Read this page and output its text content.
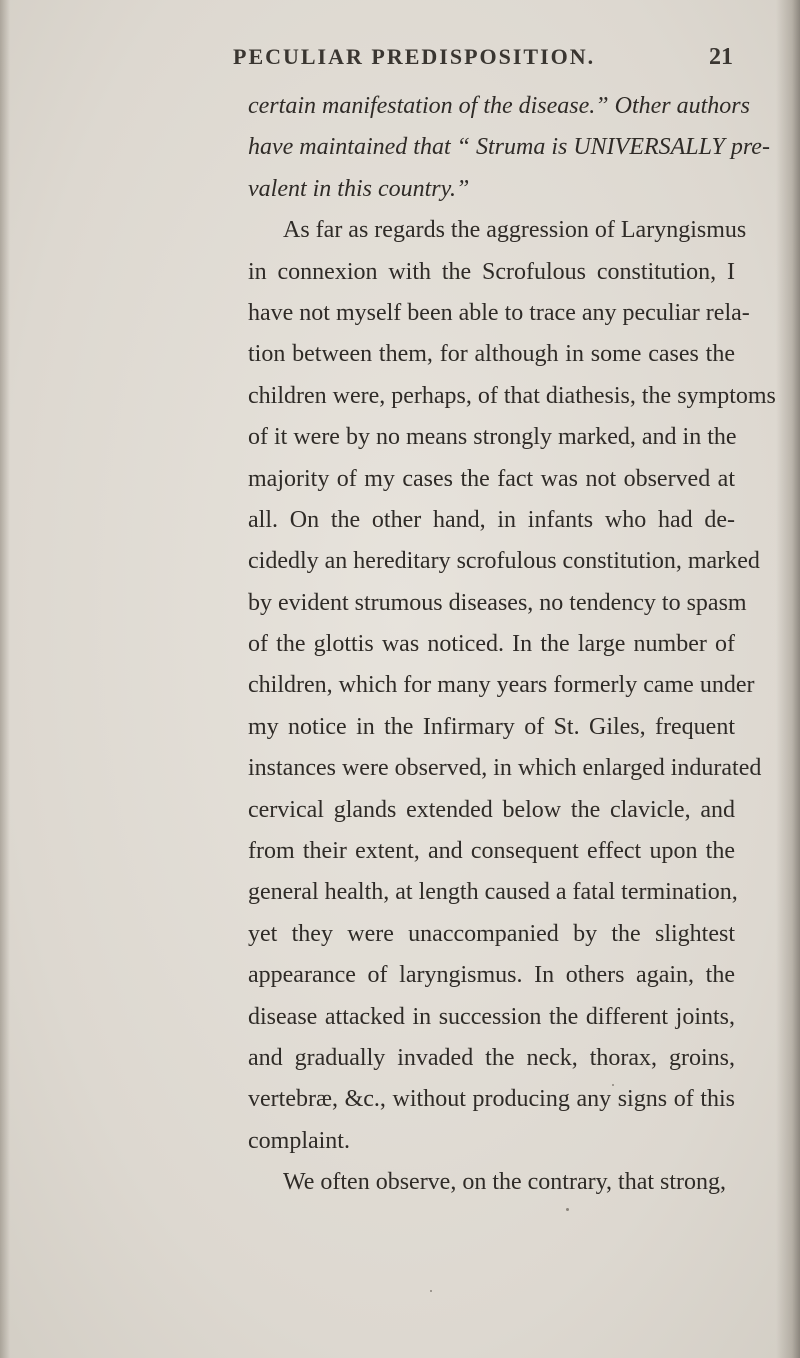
PECULIAR PREDISPOSITION.	21
certain manifestation of the disease.” Other authors
have maintained that “ Struma is UNIVERSALLY pre-
valent in this country.”
As far as regards the aggression of Laryngismus
in connexion with the Scrofulous constitution, I
have not myself been able to trace any peculiar rela-
tion between them, for although in some cases the
children were, perhaps, of that diathesis, the symptoms
of it were by no means strongly marked, and in the
majority of my cases the fact was not observed at
all. On the other hand, in infants who had de-
cidedly an hereditary scrofulous constitution, marked
by evident strumous diseases, no tendency to spasm
of the glottis was noticed. In the large number of
children, which for many years formerly came under
my notice in the Infirmary of St. Giles, frequent
instances were observed, in which enlarged indurated
cervical glands extended below the clavicle, and
from their extent, and consequent effect upon the
general health, at length caused a fatal termination,
yet they were unaccompanied by the slightest
appearance of laryngismus. In others again, the
disease attacked in succession the different joints,
and gradually invaded the neck, thorax, groins,
vertebræ, &c., without producing any signs of this
complaint.
We often observe, on the contrary, that strong,
